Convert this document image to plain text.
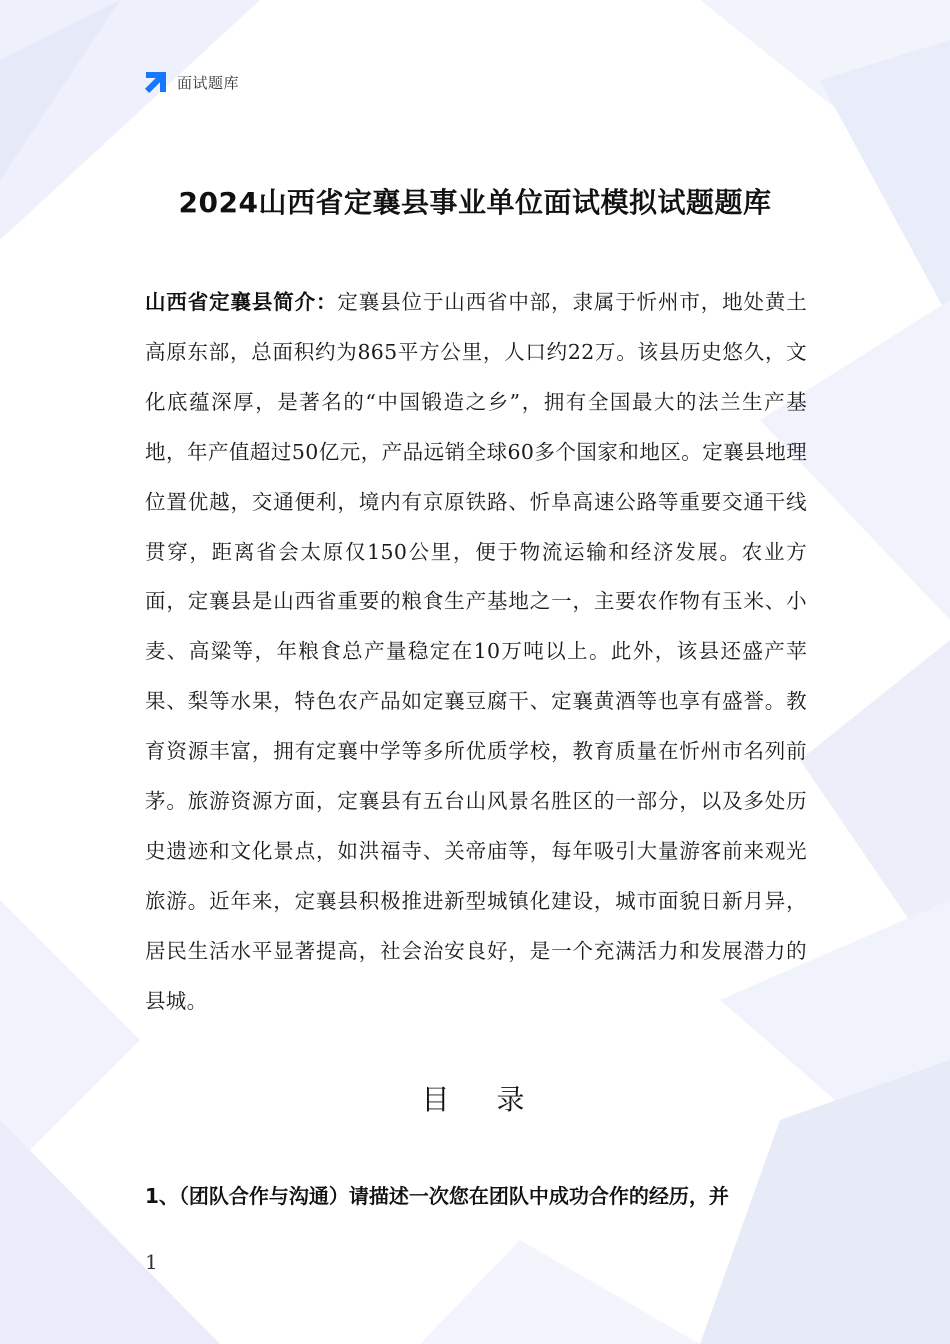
面试题库
2024山西省定襄县事业单位面试模拟试题题库
山西省定襄县简介：定襄县位于山西省中部，隶属于忻州市，地处黄土高原东部，总面积约为865平方公里，人口约22万。该县历史悠久，文化底蕴深厚，是著名的“中国锻造之乡”，拥有全国最大的法兰生产基地，年产值超过50亿元，产品远销全球60多个国家和地区。定襄县地理位置优越，交通便利，境内有京原铁路、忻阜高速公路等重要交通干线贯穿，距离省会太原仅150公里，便于物流运输和经济发展。农业方面，定襄县是山西省重要的粮食生产基地之一，主要农作物有玉米、小麦、高粱等，年粮食总产量稳定在10万吨以上。此外，该县还盛产苹果、梨等水果，特色农产品如定襄豆腐干、定襄黄酒等也享有盛誉。教育资源丰富，拥有定襄中学等多所优质学校，教育质量在忻州市名列前茅。旅游资源方面，定襄县有五台山风景名胜区的一部分，以及多处历史遗迹和文化景点，如洪福寺、关帝庙等，每年吸引大量游客前来观光旅游。近年来，定襄县积极推进新型城镇化建设，城市面貌日新月异，居民生活水平显著提高，社会治安良好，是一个充满活力和发展潜力的县城。
目 录
1、（团队合作与沟通）请描述一次您在团队中成功合作的经历，并
1
